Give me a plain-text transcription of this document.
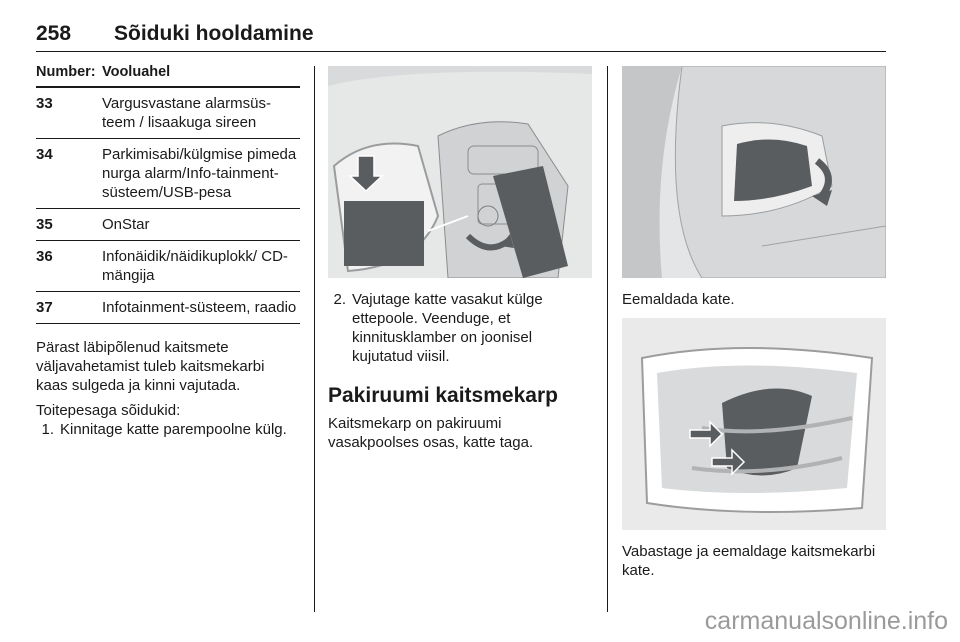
258 Sõiduki hooldamine
Number: Vooluahel
33	Vargusvastane alarmsüs-teem / lisaakuga sireen
34	Parkimisabi/külgmise pimeda nurga alarm/Info-tainment-süsteem/USB-pesa
35	OnStar
36	Infonäidik/näidikuplokk/ CD-mängija
37	Infotainment-süsteem, raadio

Pärast läbipõlenud kaitsmete väljavahetamist tuleb kaitsmekarbi kaas sulgeda ja kinni vajutada.

Toitepesaga sõidukid:

1. Kinnitage katte parempoolne külg.
2. Vajutage katte vasakut külge ettepoole. Veenduge, et kinnitusklamber on joonisel kujutatud viisil.
Pakiruumi kaitsmekarp

Kaitsmekarp on pakiruumi vasakpoolses osas, katte taga.

Eemaldada kate.

Vabastage ja eemaldage kaitsmekarbi kate.

carmanualsonline.info
